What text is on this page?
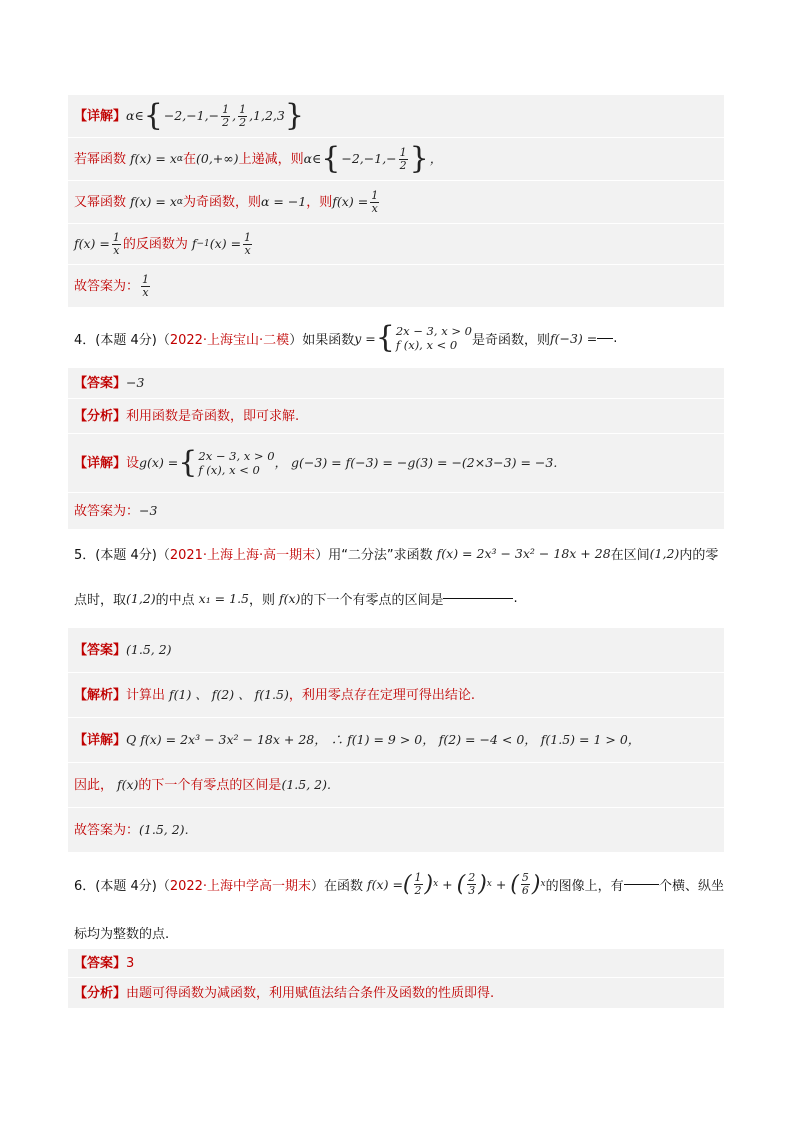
【详解】 α∈ { $-2,-1,- \frac{1}{2}$ , $\frac{1}{2} ,1,2,3$ }
若幂函数 f(x) = x α 在 (0,+∞) 上递减，则 α∈ { $-2,-1,- \frac{1}{2}$ } ，
又幂函数 f(x) = x α 为奇函数，则 α = −1 ，则 $f(x) = \frac{1}{x}$
$f(x) = \frac{1}{x}$ 的反函数为 f −1 $(x) = \frac{1}{x}$
故答案为： $\frac{1}{x}$
4．(本题 4分)（ 2022·上海宝山·二模 ）如果函数 y = { 2x − 3, x > 0
f (x), x < 0	是奇函数，则 f(−3) = .
【答案】 −3
【分析】 利用函数是奇函数，即可求解.
【详解】 设 g(x) = { 2x − 3, x > 0
f (x), x < 0
， g(−3) = f(−3) = −g(3) = −(2×3−3) = −3.
故答案为： −3
5．(本题 4分)（ 2021·上海上海·高一期末 ）用“二分法”求函数 f(x) = 2x³ − 3x² − 18x + 28 在区间 (1,2) 内的零
点时，取 (1,2) 的中点 x₁ = 1.5 ，则 f(x) 的下一个有零点的区间是	.
【答案】 (1.5, 2)
【解析】 计算出 f(1) 、 f(2) 、 f(1.5) ，利用零点存在定理可得出结论.
【详解】 Q f(x) = 2x³ − 3x² − 18x + 28， ∴ f(1) = 9 > 0， f(2) = −4 < 0， f(1.5) = 1 > 0，
因此， f(x) 的下一个有零点的区间是 (1.5, 2) .
故答案为： (1.5, 2) .
6．(本题 4分)（ 2022·上海中学高一期末 ）在函数 f(x) = ( $\frac{1}{2}$ ) x + ( $\frac{2}{3}$ ) x + ( $\frac{5}{6}$ ) x 的图像上，有	个横、纵坐
标均为整数的点.
【答案】 3
【分析】 由题可得函数为减函数，利用赋值法结合条件及函数的性质即得.
